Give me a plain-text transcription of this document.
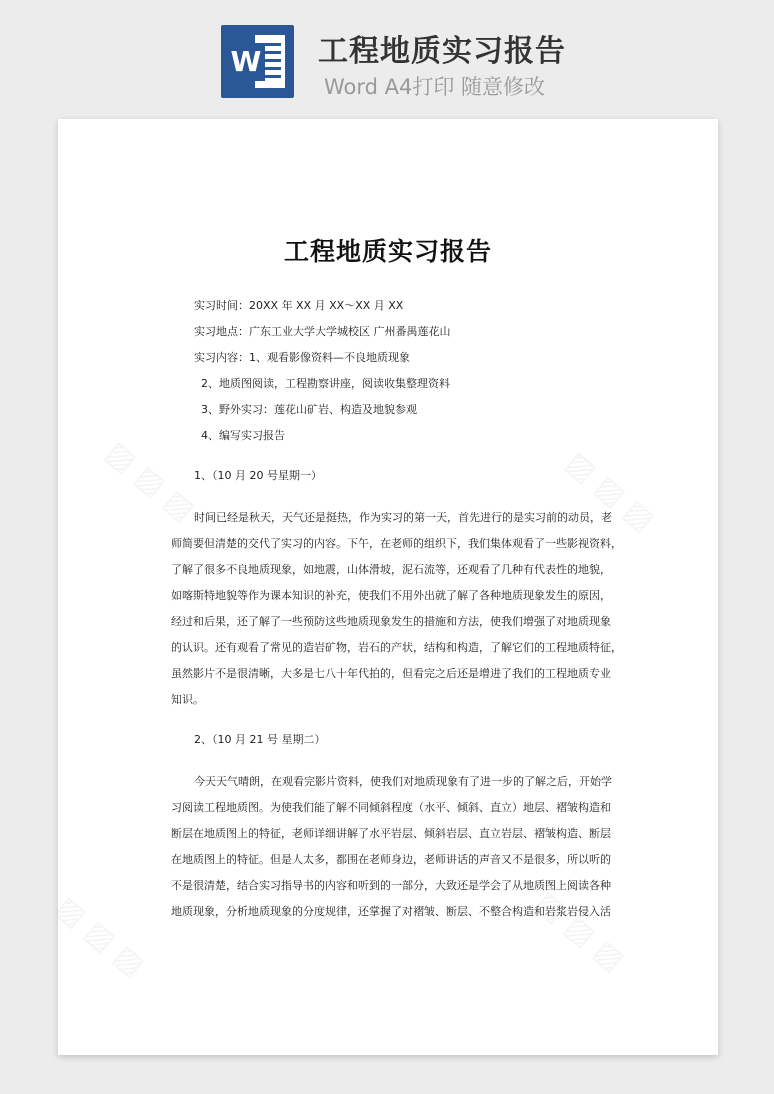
W 工程地质实习报告
Word A4打印 随意修改
工程地质实习报告
实习时间：20XX 年 XX 月 XX～XX 月 XX
实习地点：广东工业大学大学城校区 广州番禺莲花山
实习内容：1、观看影像资料—不良地质现象
2、地质图阅读，工程勘察讲座，阅读收集整理资料
3、野外实习：莲花山矿岩、构造及地貌参观
4、编写实习报告
1、（10 月 20 号星期一）
时间已经是秋天，天气还是挺热，作为实习的第一天，首先进行的是实习前的动员，老
师简要但清楚的交代了实习的内容。下午，在老师的组织下，我们集体观看了一些影视资料，
了解了很多不良地质现象，如地震，山体滑坡，泥石流等，还观看了几种有代表性的地貌，
如喀斯特地貌等作为课本知识的补充，使我们不用外出就了解了各种地质现象发生的原因，
经过和后果，还了解了一些预防这些地质现象发生的措施和方法，使我们增强了对地质现象
的认识。还有观看了常见的造岩矿物，岩石的产状，结构和构造，了解它们的工程地质特征，
虽然影片不是很清晰，大多是七八十年代拍的，但看完之后还是增进了我们的工程地质专业
知识。
2、（10 月 21 号 星期二）
今天天气晴朗，在观看完影片资料，使我们对地质现象有了进一步的了解之后，开始学
习阅读工程地质图。为使我们能了解不同倾斜程度（水平、倾斜、直立）地层、褶皱构造和
断层在地质图上的特征，老师详细讲解了水平岩层、倾斜岩层、直立岩层、褶皱构造、断层
在地质图上的特征。但是人太多，都围在老师身边，老师讲话的声音又不是很多，所以听的
不是很清楚，结合实习指导书的内容和听到的一部分，大致还是学会了从地质图上阅读各种
地质现象，分析地质现象的分度规律，还掌握了对褶皱、断层、不整合构造和岩浆岩侵入活
